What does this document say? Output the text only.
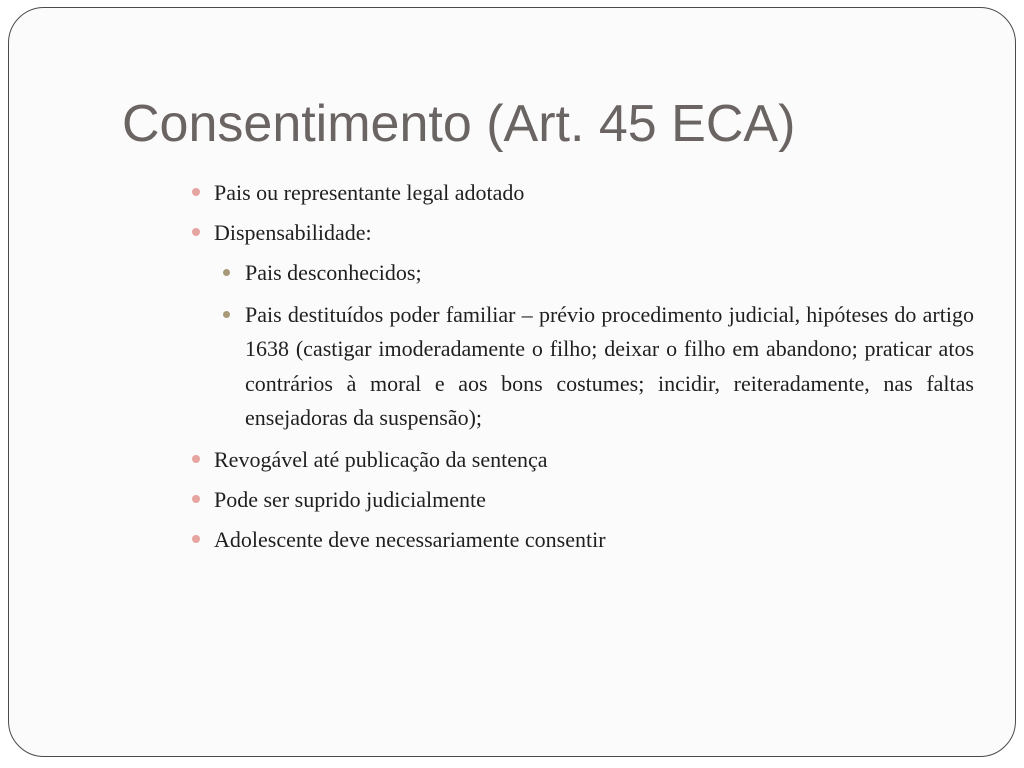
Consentimento (Art. 45 ECA)
Pais ou representante legal adotado
Dispensabilidade:
Pais desconhecidos;
Pais destituídos poder familiar – prévio procedimento judicial, hipóteses do artigo 1638 (castigar imoderadamente o filho; deixar o filho em abandono; praticar atos contrários à moral e aos bons costumes; incidir, reiteradamente, nas faltas ensejadoras da suspensão);
Revogável até publicação da sentença
Pode ser suprido judicialmente
Adolescente deve necessariamente consentir
